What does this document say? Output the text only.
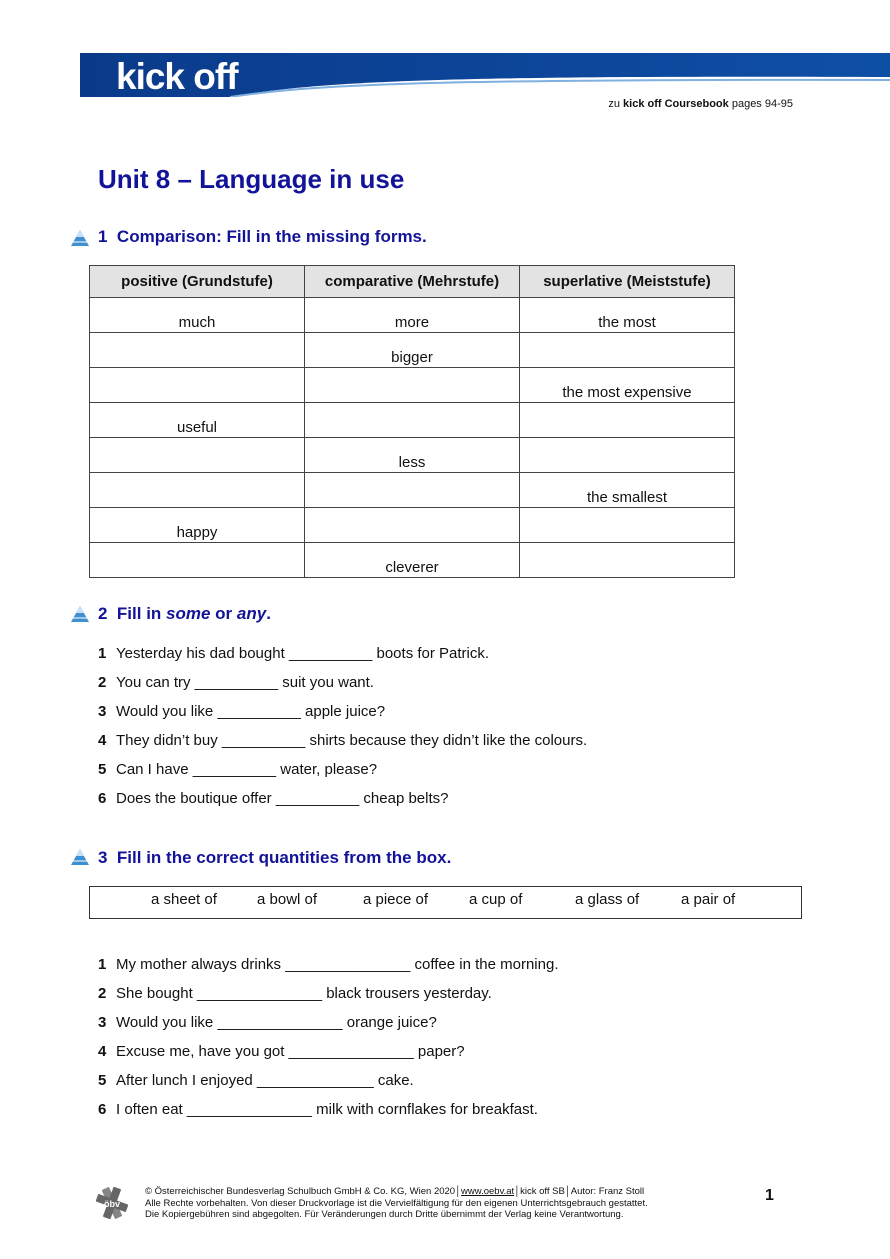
kick off
zu kick off Coursebook pages 94-95
Unit 8 – Language in use
1 Comparison: Fill in the missing forms.
positive (Grundstufe)	comparative (Mehrstufe)	superlative (Meiststufe)
much	more	the most
	bigger	
		the most expensive
useful		
	less	
		the smallest
happy		
	cleverer	
2 Fill in some or any.
1 Yesterday his dad bought __________ boots for Patrick.
2 You can try __________ suit you want.
3 Would you like __________ apple juice?
4 They didn’t buy __________ shirts because they didn’t like the colours.
5 Can I have __________ water, please?
6 Does the boutique offer __________ cheap belts?
3 Fill in the correct quantities from the box.
a sheet of	a bowl of	a piece of	a cup of	a glass of	a pair of
1 My mother always drinks _______________ coffee in the morning.
2 She bought _______________ black trousers yesterday.
3 Would you like _______________ orange juice?
4 Excuse me, have you got _______________ paper?
5 After lunch I enjoyed ______________ cake.
6 I often eat _______________ milk with cornflakes for breakfast.
öbv
© Österreichischer Bundesverlag Schulbuch GmbH & Co. KG, Wien 2020│www.oebv.at│kick off SB│Autor: Franz Stoll
Alle Rechte vorbehalten. Von dieser Druckvorlage ist die Vervielfältigung für den eigenen Unterrichtsgebrauch gestattet.
Die Kopiergebühren sind abgegolten. Für Veränderungen durch Dritte übernimmt der Verlag keine Verantwortung.
1
